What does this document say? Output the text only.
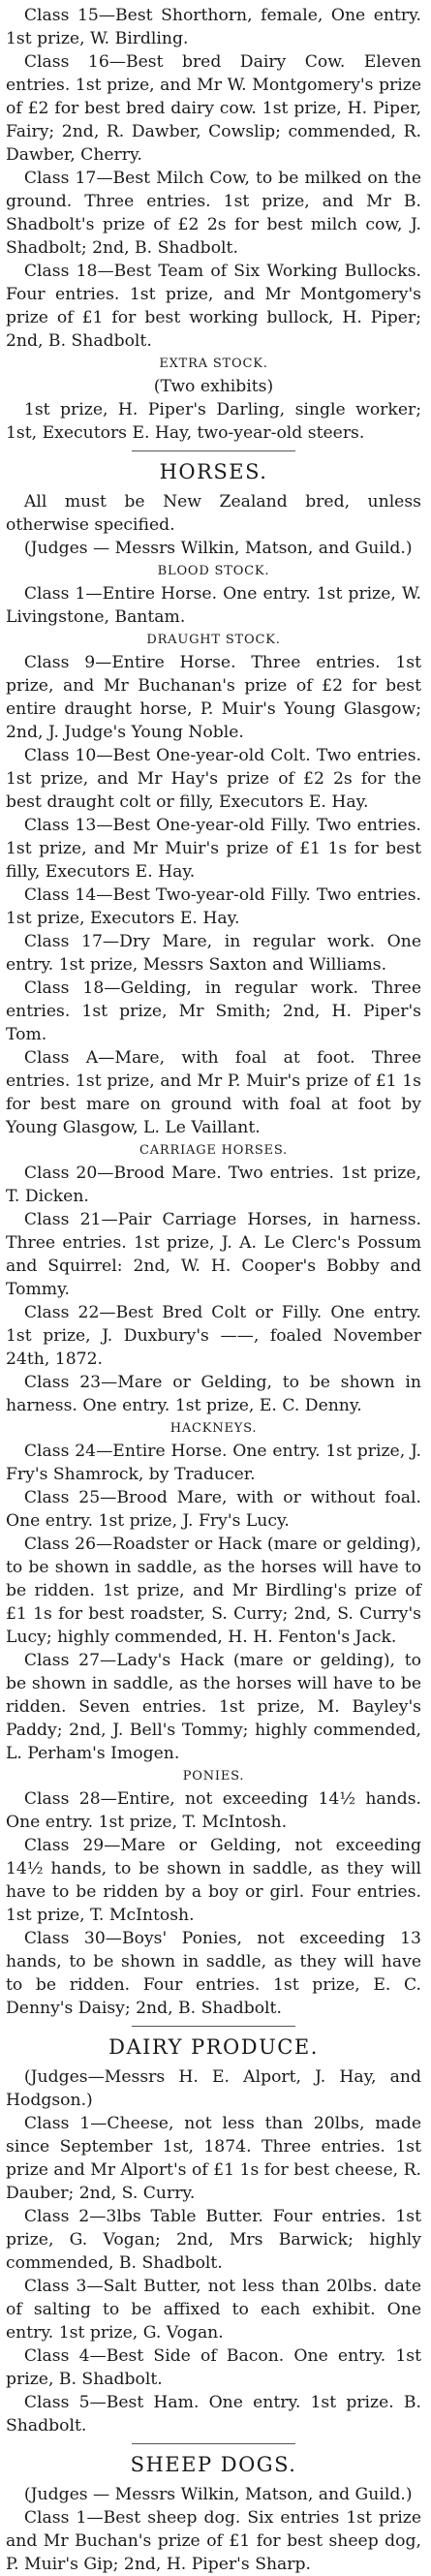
Class 15—Best Shorthorn, female, One entry. 1st prize, W. Birdling.

Class 16—Best bred Dairy Cow. Eleven entries. 1st prize, and Mr W. Montgomery's prize of £2 for best bred dairy cow. 1st prize, H. Piper, Fairy; 2nd, R. Dawber, Cowslip; commended, R. Dawber, Cherry.

Class 17—Best Milch Cow, to be milked on the ground. Three entries. 1st prize, and Mr B. Shadbolt's prize of £2 2s for best milch cow, J. Shadbolt; 2nd, B. Shadbolt.

Class 18—Best Team of Six Working Bullocks. Four entries. 1st prize, and Mr Montgomery's prize of £1 for best working bullock, H. Piper; 2nd, B. Shadbolt.

EXTRA STOCK.
(Two exhibits)

1st prize, H. Piper's Darling, single worker; 1st, Executors E. Hay, two-year-old steers.

HORSES.

All must be New Zealand bred, unless otherwise specified.

(Judges — Messrs Wilkin, Matson, and Guild.)

BLOOD STOCK.

Class 1—Entire Horse. One entry. 1st prize, W. Livingstone, Bantam.

DRAUGHT STOCK.

Class 9—Entire Horse. Three entries. 1st prize, and Mr Buchanan's prize of £2 for best entire draught horse, P. Muir's Young Glasgow; 2nd, J. Judge's Young Noble.

Class 10—Best One-year-old Colt. Two entries. 1st prize, and Mr Hay's prize of £2 2s for the best draught colt or filly, Executors E. Hay.

Class 13—Best One-year-old Filly. Two entries. 1st prize, and Mr Muir's prize of £1 1s for best filly, Executors E. Hay.

Class 14—Best Two-year-old Filly. Two entries. 1st prize, Executors E. Hay.

Class 17—Dry Mare, in regular work. One entry. 1st prize, Messrs Saxton and Williams.

Class 18—Gelding, in regular work. Three entries. 1st prize, Mr Smith; 2nd, H. Piper's Tom.

Class A—Mare, with foal at foot. Three entries. 1st prize, and Mr P. Muir's prize of £1 1s for best mare on ground with foal at foot by Young Glasgow, L. Le Vaillant.

CARRIAGE HORSES.

Class 20—Brood Mare. Two entries. 1st prize, T. Dicken.

Class 21—Pair Carriage Horses, in harness. Three entries. 1st prize, J. A. Le Clerc's Possum and Squirrel: 2nd, W. H. Cooper's Bobby and Tommy.

Class 22—Best Bred Colt or Filly. One entry. 1st prize, J. Duxbury's ——, foaled November 24th, 1872.

Class 23—Mare or Gelding, to be shown in harness. One entry. 1st prize, E. C. Denny.

HACKNEYS.

Class 24—Entire Horse. One entry. 1st prize, J. Fry's Shamrock, by Traducer.

Class 25—Brood Mare, with or without foal. One entry. 1st prize, J. Fry's Lucy.

Class 26—Roadster or Hack (mare or gelding), to be shown in saddle, as the horses will have to be ridden. 1st prize, and Mr Birdling's prize of £1 1s for best roadster, S. Curry; 2nd, S. Curry's Lucy; highly commended, H. H. Fenton's Jack.

Class 27—Lady's Hack (mare or gelding), to be shown in saddle, as the horses will have to be ridden. Seven entries. 1st prize, M. Bayley's Paddy; 2nd, J. Bell's Tommy; highly commended, L. Perham's Imogen.

PONIES.

Class 28—Entire, not exceeding 14½ hands. One entry. 1st prize, T. McIntosh.

Class 29—Mare or Gelding, not exceeding 14½ hands, to be shown in saddle, as they will have to be ridden by a boy or girl. Four entries. 1st prize, T. McIntosh.

Class 30—Boys' Ponies, not exceeding 13 hands, to be shown in saddle, as they will have to be ridden. Four entries. 1st prize, E. C. Denny's Daisy; 2nd, B. Shadbolt.

DAIRY PRODUCE.

(Judges—Messrs H. E. Alport, J. Hay, and Hodgson.)

Class 1—Cheese, not less than 20lbs, made since September 1st, 1874. Three entries. 1st prize and Mr Alport's of £1 1s for best cheese, R. Dauber; 2nd, S. Curry.

Class 2—3lbs Table Butter. Four entries. 1st prize, G. Vogan; 2nd, Mrs Barwick; highly commended, B. Shadbolt.

Class 3—Salt Butter, not less than 20lbs. date of salting to be affixed to each exhibit. One entry. 1st prize, G. Vogan.

Class 4—Best Side of Bacon. One entry. 1st prize, B. Shadbolt.

Class 5—Best Ham. One entry. 1st prize. B. Shadbolt.

SHEEP DOGS.

(Judges — Messrs Wilkin, Matson, and Guild.)

Class 1—Best sheep dog. Six entries 1st prize and Mr Buchan's prize of £1 for best sheep dog, P. Muir's Gip; 2nd, H. Piper's Sharp.
